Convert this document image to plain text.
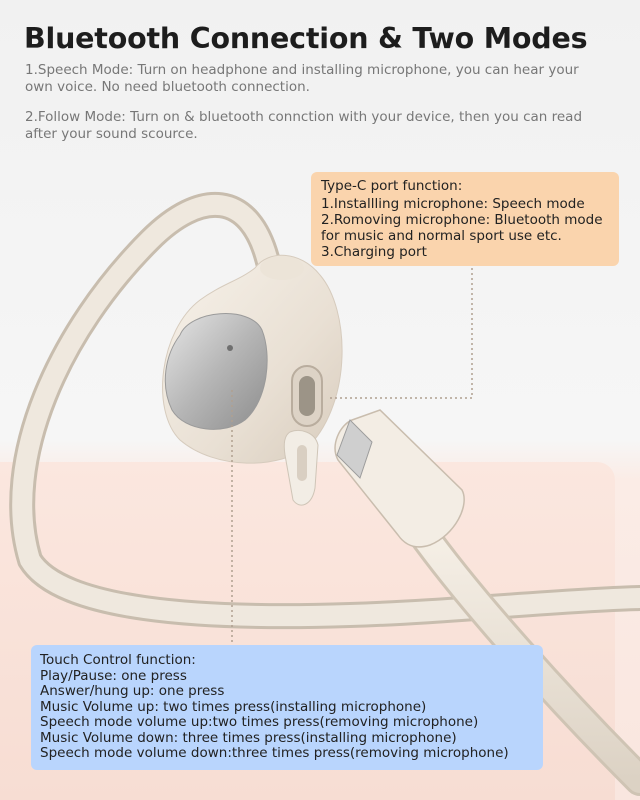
Bluetooth Connection & Two Modes

1.Speech Mode: Turn on headphone and installing microphone, you can hear your own voice. No need bluetooth connection.

2.Follow Mode: Turn on & bluetooth connction with your device, then you can read after your sound scource.

Type-C port function:
1.Installling microphone: Speech mode
2.Romoving microphone: Bluetooth mode for music and normal sport use etc.
3.Charging port
Touch Control function:
Play/Pause: one press
Answer/hung up: one press
Music Volume up: two times press(installing microphone)
Speech mode volume up:two times press(removing microphone)
Music Volume down: three times press(installing microphone)
Speech mode volume down:three times press(removing microphone)
